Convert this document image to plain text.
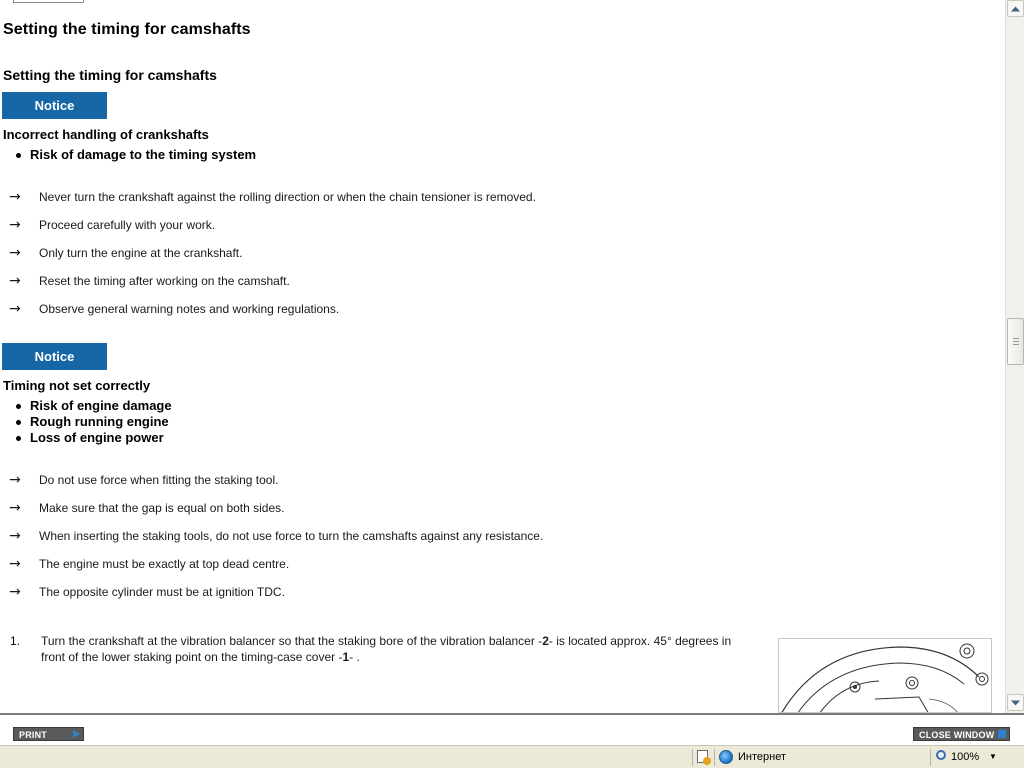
Setting the timing for camshafts
Setting the timing for camshafts
Notice

Incorrect handling of crankshafts

Risk of damage to the timing system
→ Never turn the crankshaft against the rolling direction or when the chain tensioner is removed.
→ Proceed carefully with your work.
→ Only turn the engine at the crankshaft.
→ Reset the timing after working on the camshaft.
→ Observe general warning notes and working regulations.
Notice

Timing not set correctly

Risk of engine damage
Rough running engine
Loss of engine power
→ Do not use force when fitting the staking tool.
→ Make sure that the gap is equal on both sides.
→ When inserting the staking tools, do not use force to turn the camshafts against any resistance.
→ The engine must be exactly at top dead centre.
→ The opposite cylinder must be at ignition TDC.
1. Turn the crankshaft at the vibration balancer so that the staking bore of the vibration balancer -2- is located approx. 45° degrees in front of the lower staking point on the timing-case cover -1- .
PRINT	CLOSE WINDOW
Интернет	100% ▼
